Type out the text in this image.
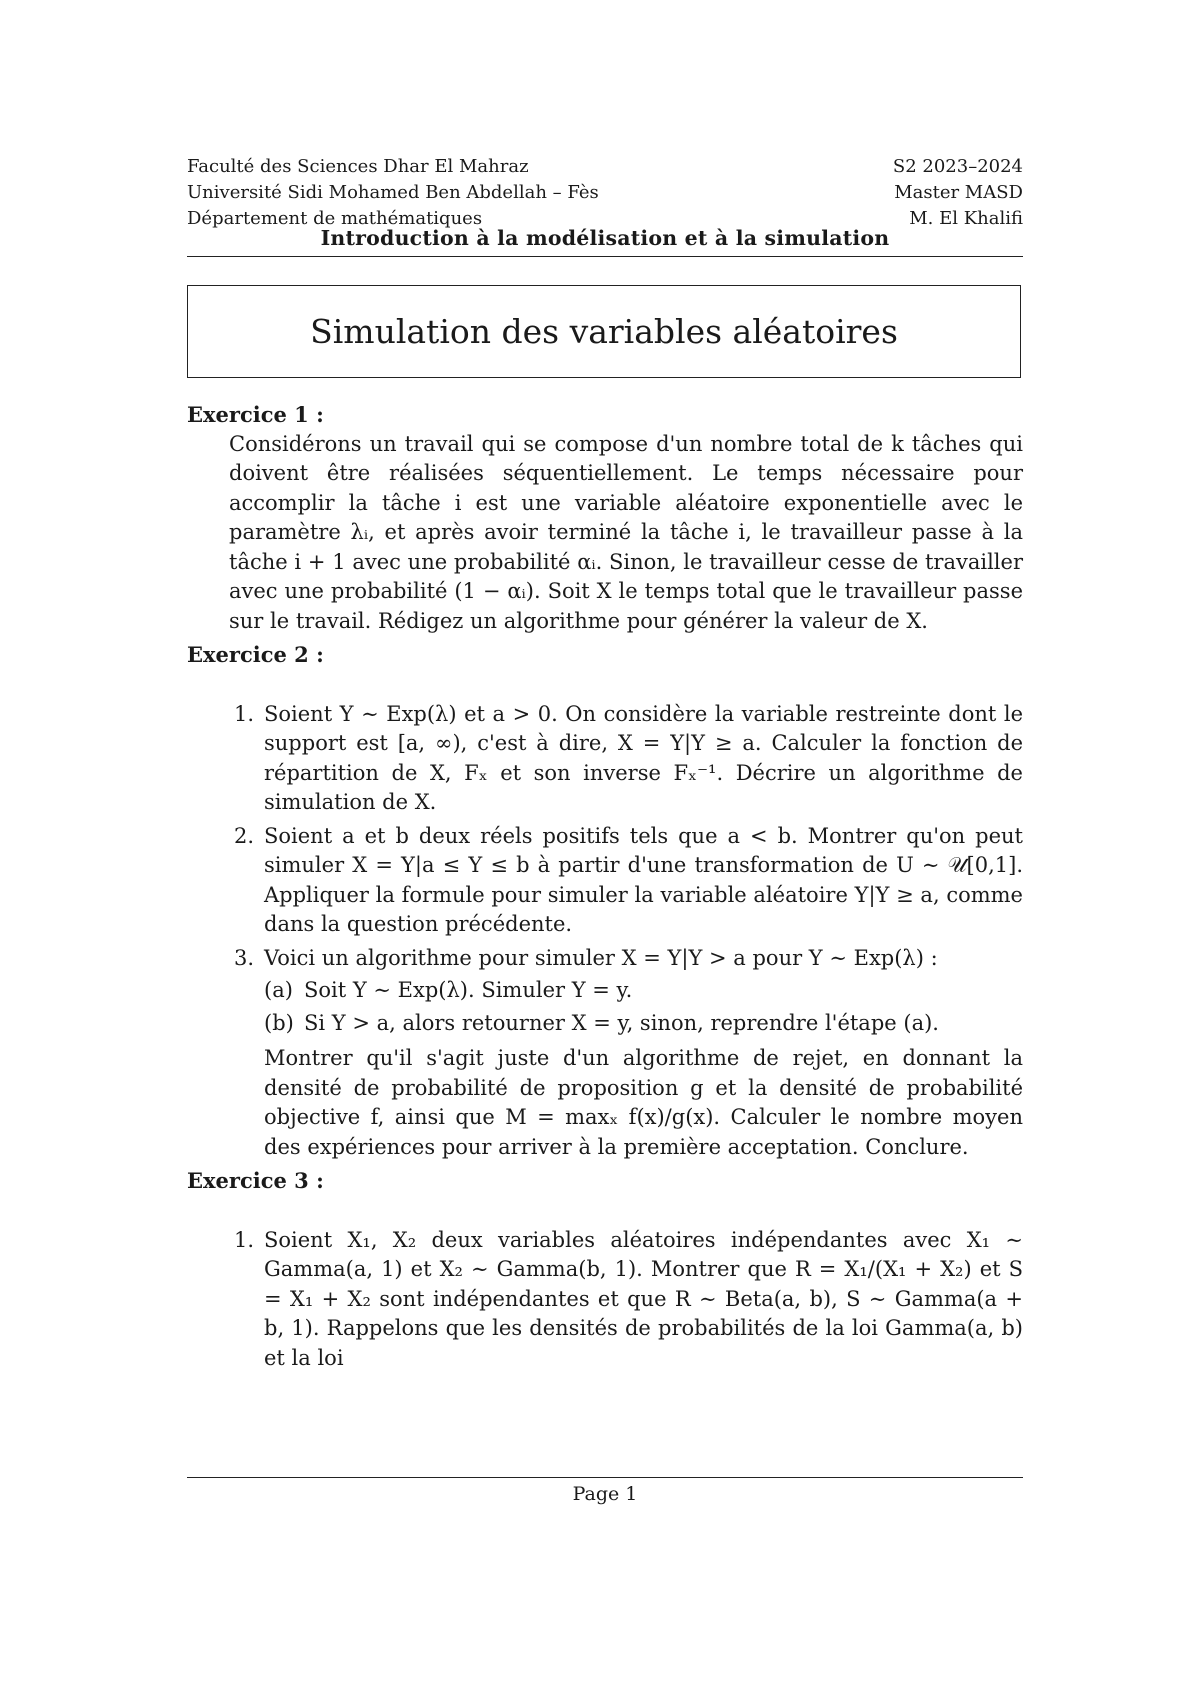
Faculté des Sciences Dhar El Mahraz	S2 2023–2024
Université Sidi Mohamed Ben Abdellah – Fès	Master MASD
Département de mathématiques	M. El Khalifi
Introduction à la modélisation et à la simulation
Simulation des variables aléatoires

Exercice 1 :

Considérons un travail qui se compose d'un nombre total de k tâches qui doivent être réalisées séquentiellement. Le temps nécessaire pour accomplir la tâche i est une variable aléatoire exponentielle avec le paramètre λᵢ, et après avoir terminé la tâche i, le travailleur passe à la tâche i + 1 avec une probabilité αᵢ. Sinon, le travailleur cesse de travailler avec une probabilité (1 − αᵢ). Soit X le temps total que le travailleur passe sur le travail. Rédigez un algorithme pour générer la valeur de X.

Exercice 2 :

1. Soient Y ∼ Exp(λ) et a > 0. On considère la variable restreinte dont le support est [a, ∞), c'est à dire, X = Y|Y ≥ a. Calculer la fonction de répartition de X, Fₓ et son inverse Fₓ⁻¹. Décrire un algorithme de simulation de X.
2. Soient a et b deux réels positifs tels que a < b. Montrer qu'on peut simuler X = Y|a ≤ Y ≤ b à partir d'une transformation de U ∼ 𝒰[0,1]. Appliquer la formule pour simuler la variable aléatoire Y|Y ≥ a, comme dans la question précédente.
3. Voici un algorithme pour simuler X = Y|Y > a pour Y ∼ Exp(λ) :
(a) Soit Y ∼ Exp(λ). Simuler Y = y.
(b) Si Y > a, alors retourner X = y, sinon, reprendre l'étape (a).
Montrer qu'il s'agit juste d'un algorithme de rejet, en donnant la densité de probabilité de proposition g et la densité de probabilité objective f, ainsi que M = maxₓ f(x)/g(x). Calculer le nombre moyen des expériences pour arriver à la première acceptation. Conclure.

Exercice 3 :

1. Soient X₁, X₂ deux variables aléatoires indépendantes avec X₁ ∼ Gamma(a, 1) et X₂ ∼ Gamma(b, 1). Montrer que R = X₁/(X₁ + X₂) et S = X₁ + X₂ sont indépendantes et que R ∼ Beta(a, b), S ∼ Gamma(a + b, 1). Rappelons que les densités de probabilités de la loi Gamma(a, b) et la loi
Page 1
